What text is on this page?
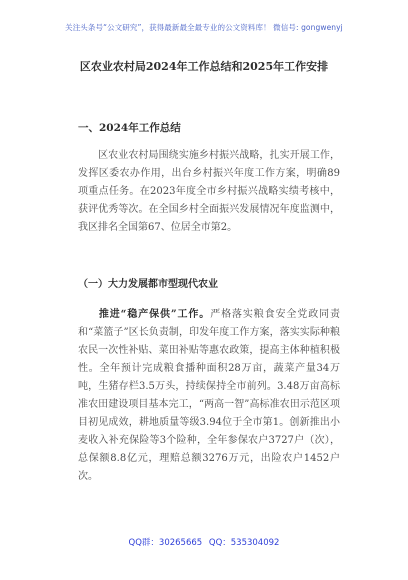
关注头条号“公文研究”，获得最新最全最专业的公文资料库！ 微信号: gongwenyj
区农业农村局2024年工作总结和2025年工作安排
一、2024年工作总结
区农业农村局围绕实施乡村振兴战略，扎实开展工作，发挥区委农办作用，出台乡村振兴年度工作方案，明确89项重点任务。在2023年度全市乡村振兴战略实绩考核中，获评优秀等次。在全国乡村全面振兴发展情况年度监测中，我区排名全国第67、位居全市第2。
（一）大力发展都市型现代农业
推进“稳产保供”工作。严格落实粮食安全党政同责和“菜篮子”区长负责制，印发年度工作方案，落实实际种粮农民一次性补贴、菜田补贴等惠农政策，提高主体种植积极性。全年预计完成粮食播种面积28万亩，蔬菜产量34万吨，生猪存栏3.5万头，持续保持全市前列。3.48万亩高标准农田建设项目基本完工，“两高一智”高标准农田示范区项目初见成效，耕地质量等级3.94位于全市第1。创新推出小麦收入补充保险等3个险种，全年参保农户3727户（次），总保额8.8亿元，理赔总额3276万元，出险农户1452户次。
QQ群：30265665 QQ：535304092
